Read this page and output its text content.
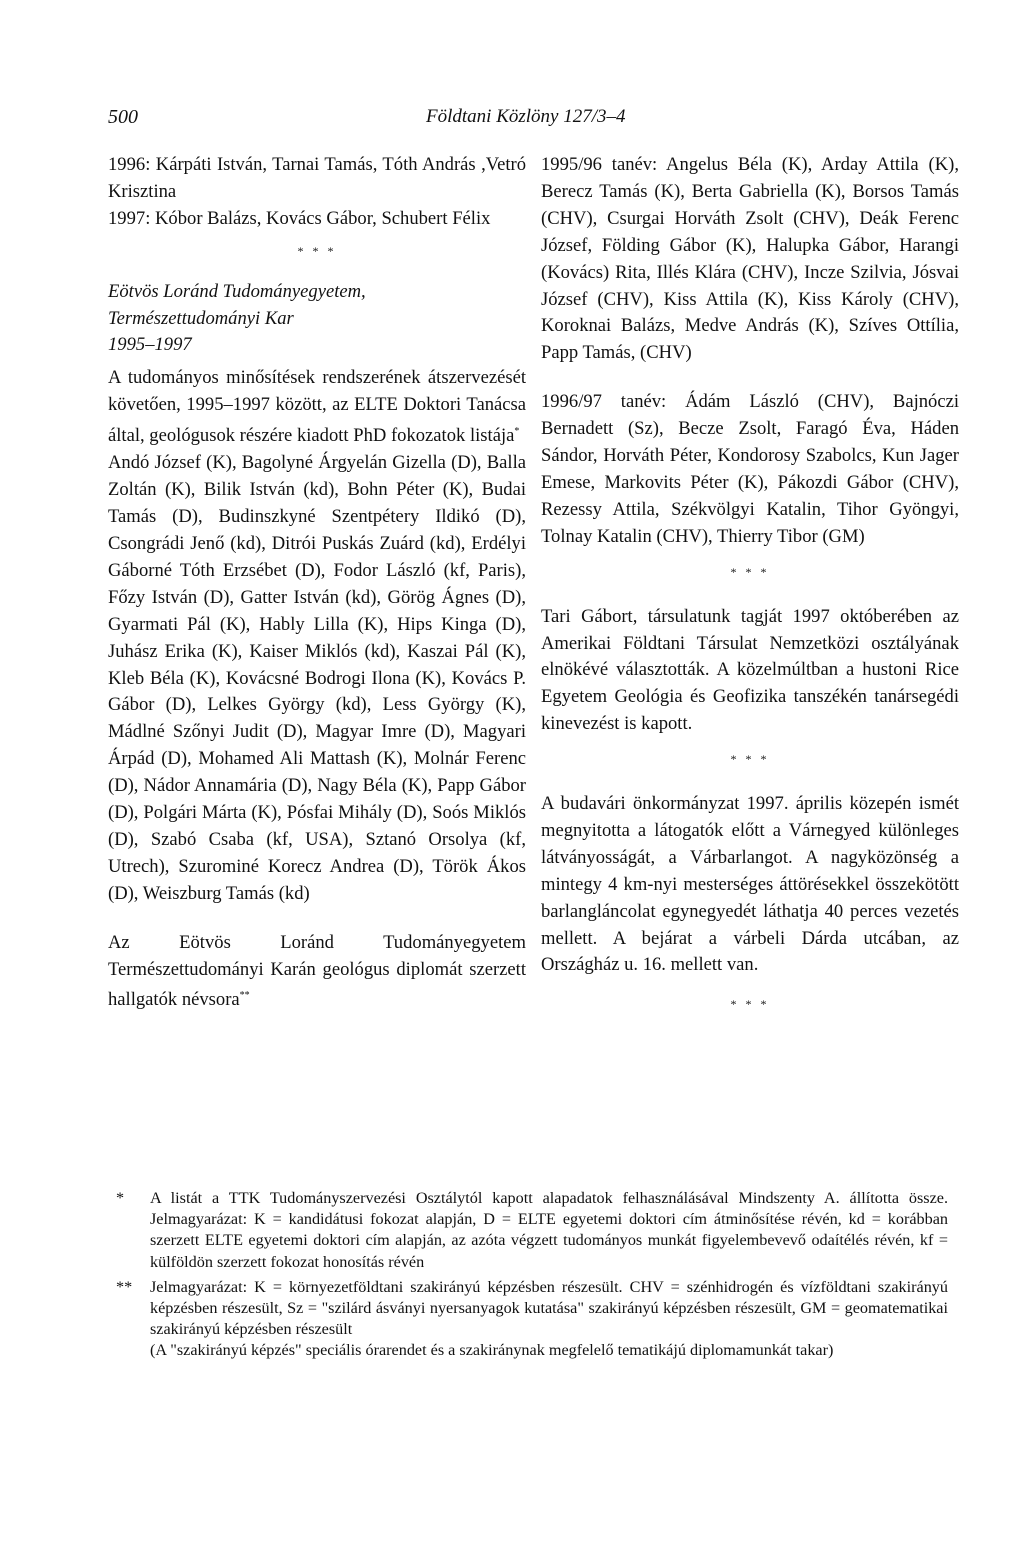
500	Földtani Közlöny 127/3–4

1996: Kárpáti István, Tarnai Tamás, Tóth András ,Vetró Krisztina

1997: Kóbor Balázs, Kovács Gábor, Schubert Félix

* * *

Eötvös Loránd Tudományegyetem,

Természettudományi Kar

1995–1997

A tudományos minősítések rendszerének átszervezését követően, 1995–1997 között, az ELTE Doktori Tanácsa által, geológusok részére kiadott PhD fokozatok listája*

Andó József (K), Bagolyné Árgyelán Gizella (D), Balla Zoltán (K), Bilik István (kd), Bohn Péter (K), Budai Tamás (D), Budinszkyné Szentpétery Ildikó (D), Csongrádi Jenő (kd), Ditrói Puskás Zuárd (kd), Erdélyi Gáborné Tóth Erzsébet (D), Fodor László (kf, Paris), Főzy István (D), Gatter István (kd), Görög Ágnes (D), Gyarmati Pál (K), Hably Lilla (K), Hips Kinga (D), Juhász Erika (K), Kaiser Miklós (kd), Kaszai Pál (K), Kleb Béla (K), Kovácsné Bodrogi Ilona (K), Kovács P. Gábor (D), Lelkes György (kd), Less György (K), Mádlné Szőnyi Judit (D), Magyar Imre (D), Magyari Árpád (D), Mohamed Ali Mattash (K), Molnár Ferenc (D), Nádor Annamária (D), Nagy Béla (K), Papp Gábor (D), Polgári Márta (K), Pósfai Mihály (D), Soós Miklós (D), Szabó Csaba (kf, USA), Sztanó Orsolya (kf, Utrech), Szurominé Korecz Andrea (D), Török Ákos (D), Weiszburg Tamás (kd)

Az Eötvös Loránd Tudományegyetem Természettudományi Karán geológus diplomát szerzett hallgatók névsora**

1995/96 tanév: Angelus Béla (K), Arday Attila (K), Berecz Tamás (K), Berta Gabriella (K), Borsos Tamás (CHV), Csurgai Horváth Zsolt (CHV), Deák Ferenc József, Földing Gábor (K), Halupka Gábor, Harangi (Kovács) Rita, Illés Klára (CHV), Incze Szilvia, Jósvai József (CHV), Kiss Attila (K), Kiss Károly (CHV), Koroknai Balázs, Medve András (K), Szíves Ottília, Papp Tamás, (CHV)

1996/97 tanév: Ádám László (CHV), Bajnóczi Bernadett (Sz), Becze Zsolt, Faragó Éva, Háden Sándor, Horváth Péter, Kondorosy Szabolcs, Kun Jager Emese, Markovits Péter (K), Pákozdi Gábor (CHV), Rezessy Attila, Székvölgyi Katalin, Tihor Gyöngyi, Tolnay Katalin (CHV), Thierry Tibor (GM)

* * *

Tari Gábort, társulatunk tagját 1997 októberében az Amerikai Földtani Társulat Nemzetközi osztályának elnökévé választották. A közelmúltban a hustoni Rice Egyetem Geológia és Geofizika tanszékén tanársegédi kinevezést is kapott.

* * *

A budavári önkormányzat 1997. április közepén ismét megnyitotta a látogatók előtt a Várnegyed különleges látványosságát, a Várbarlangot. A nagyközönség a mintegy 4 km-nyi mesterséges áttörésekkel összekötött barlangláncolat egynegyedét láthatja 40 perces vezetés mellett. A bejárat a várbeli Dárda utcában, az Országház u. 16. mellett van.

* * *
* A listát a TTK Tudományszervezési Osztálytól kapott alapadatok felhasználásával Mindszenty A. állította össze. Jelmagyarázat: K = kandidátusi fokozat alapján, D = ELTE egyetemi doktori cím átminősítése révén, kd = korábban szerzett ELTE egyetemi doktori cím alapján, az azóta végzett tudományos munkát figyelembevevő odaítélés révén, kf = külföldön szerzett fokozat honosítás révén

** Jelmagyarázat: K = környezetföldtani szakirányú képzésben részesült. CHV = szénhidrogén és vízföldtani szakirányú képzésben részesült, Sz = "szilárd ásványi nyersanyagok kutatása" szakirányú képzésben részesült, GM = geomatematikai szakirányú képzésben részesült

(A "szakirányú képzés" speciális órarendet és a szakiránynak megfelelő tematikájú diplomamunkát takar)
